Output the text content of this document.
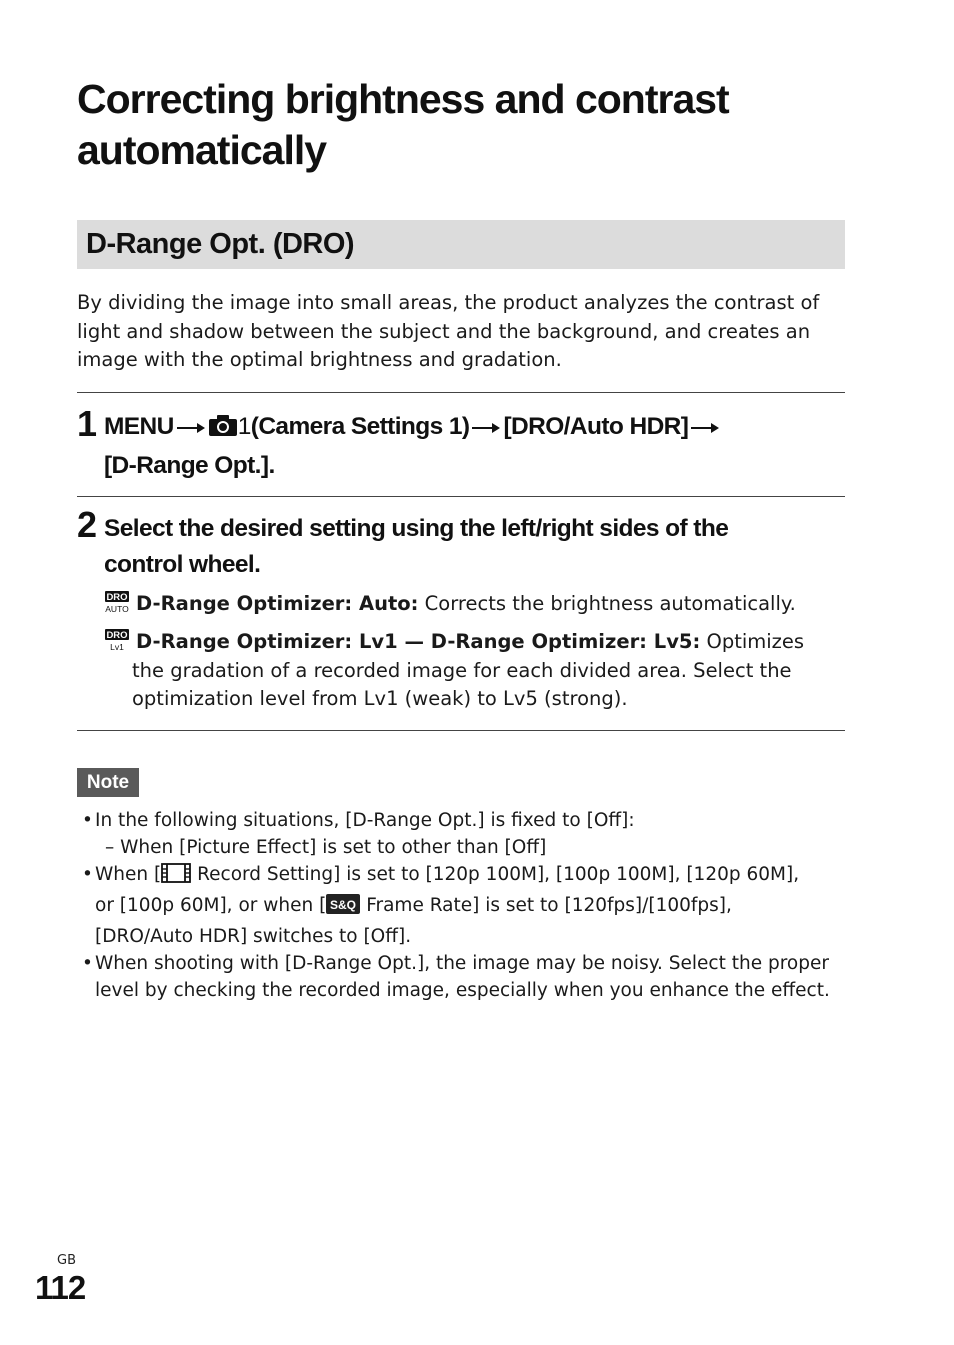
Correcting brightness and contrast
automatically
D-Range Opt. (DRO)
By dividing the image into small areas, the product analyzes the contrast of light and shadow between the subject and the background, and creates an image with the optimal brightness and gradation.
1 MENU	1(Camera Settings 1) [DRO/Auto HDR]
[D-Range Opt.].
2 Select the desired setting using the left/right sides of the control wheel.
DRO
AUTO D-Range Optimizer: Auto: Corrects the brightness automatically.
DRO
Lv1 D-Range Optimizer: Lv1 — D-Range Optimizer: Lv5: Optimizes
the gradation of a recorded image for each divided area. Select the optimization level from Lv1 (weak) to Lv5 (strong).
Note
• In the following situations, [D-Range Opt.] is fixed to [Off]:
– When [Picture Effect] is set to other than [Off]
• When [ Record Setting] is set to [120p 100M], [100p 100M], [120p 60M],
or [100p 60M], or when [ S&Q Frame Rate] is set to [120fps]/[100fps],
[DRO/Auto HDR] switches to [Off].
• When shooting with [D-Range Opt.], the image may be noisy. Select the proper level by checking the recorded image, especially when you enhance the effect.
GB
112
